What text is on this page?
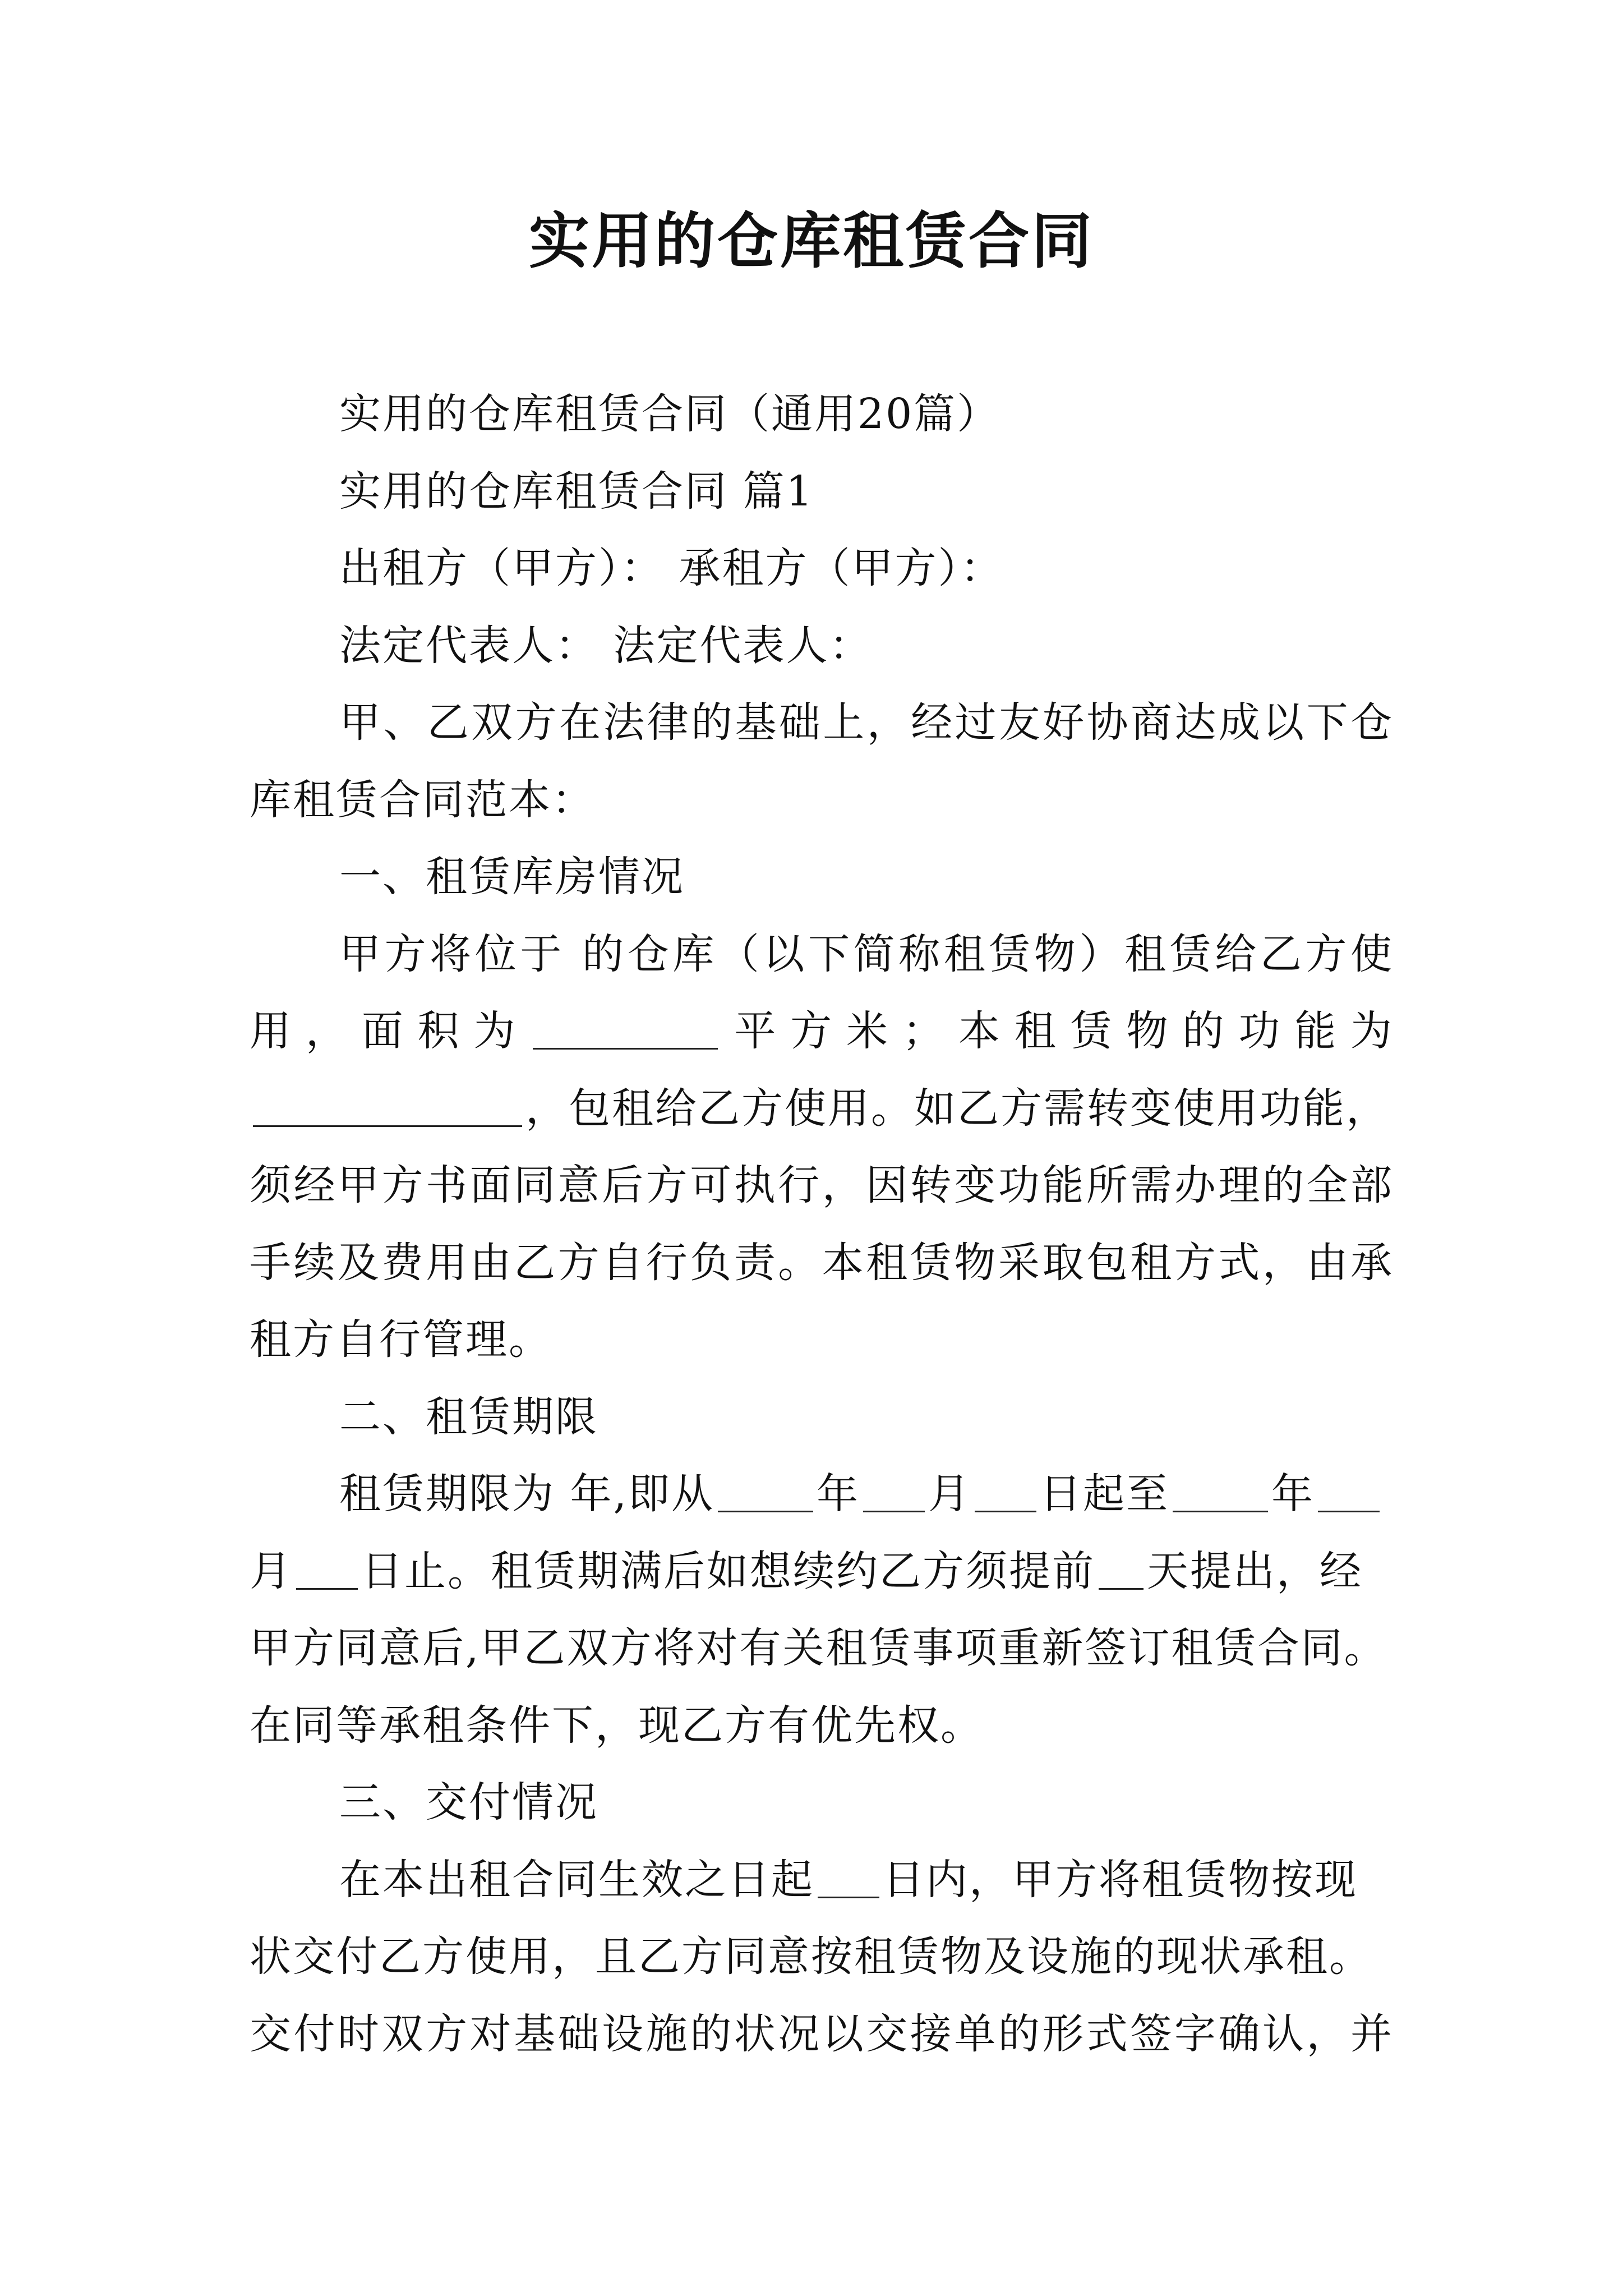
实用的仓库租赁合同

实用的仓库租赁合同（通用20篇）

实用的仓库租赁合同 篇1

出租方（甲方）： 承租方（甲方）：

法定代表人： 法定代表人：

甲、乙双方在法律的基础上，经过友好协商达成以下仓

库租赁合同范本：

一、租赁库房情况

甲方将位于 的仓库（以下简称租赁物）租赁给乙方使

用，面积为	平方米；本租赁物的功能为

，包租给乙方使用。如乙方需转变使用功能，

须经甲方书面同意后方可执行，因转变功能所需办理的全部

手续及费用由乙方自行负责。本租赁物采取包租方式，由承

租方自行管理。

二、租赁期限

租赁期限为 年,即从 年 月 日起至 年

月 日止。租赁期满后如想续约乙方须提前 天提出，经

甲方同意后,甲乙双方将对有关租赁事项重新签订租赁合同。

在同等承租条件下，现乙方有优先权。

三、交付情况

在本出租合同生效之日起 日内，甲方将租赁物按现

状交付乙方使用，且乙方同意按租赁物及设施的现状承租。

交付时双方对基础设施的状况以交接单的形式签字确认，并
